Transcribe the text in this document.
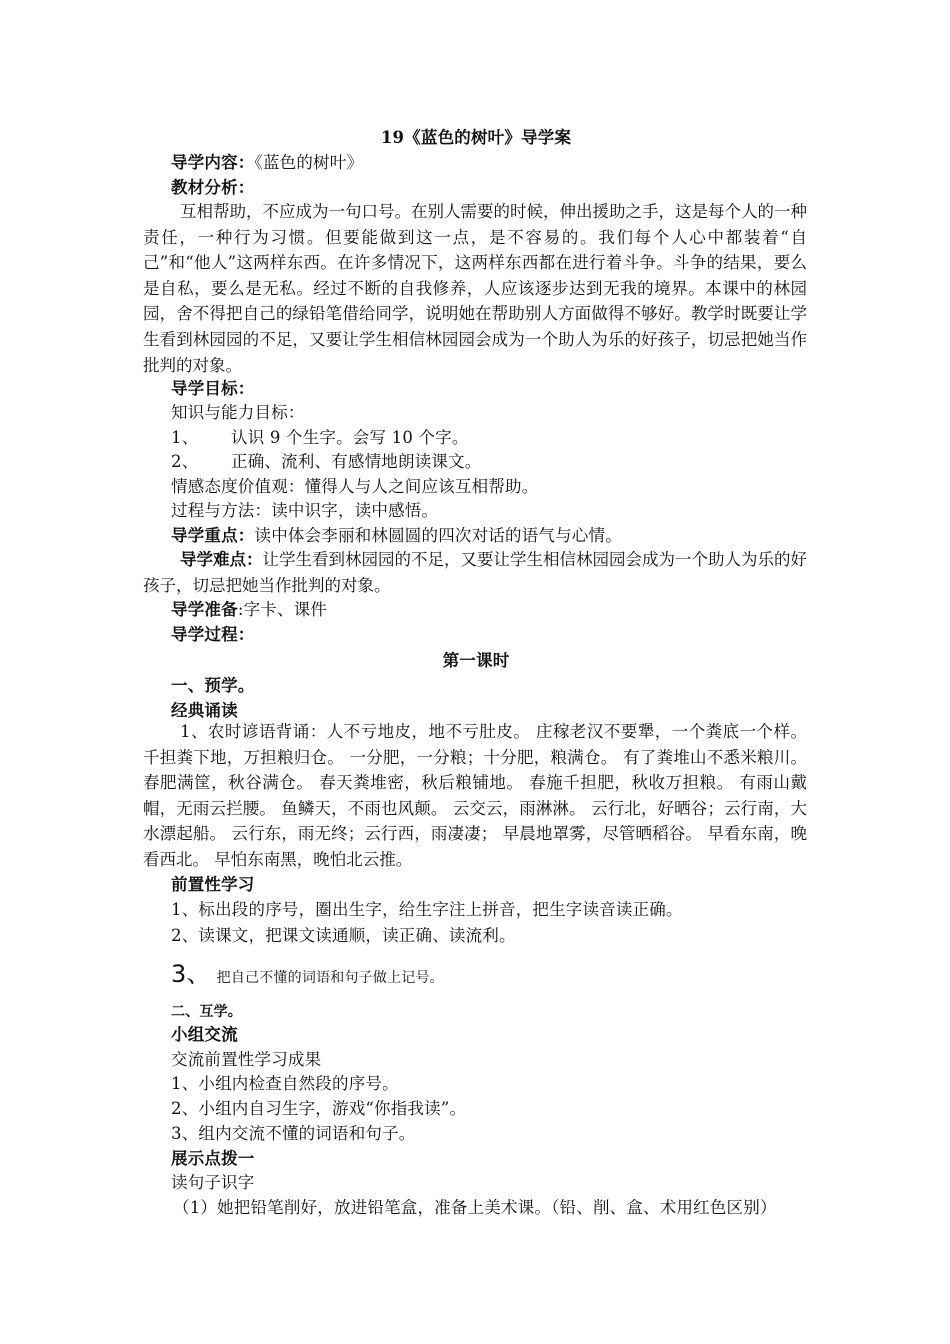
19《蓝色的树叶》导学案
导学内容：《蓝色的树叶》
教材分析：
互相帮助，不应成为一句口号。在别人需要的时候，伸出援助之手，这是每个人的一种责任，一种行为习惯。但要能做到这一点，是不容易的。我们每个人心中都装着“自己”和“他人”这两样东西。在许多情况下，这两样东西都在进行着斗争。斗争的结果，要么是自私，要么是无私。经过不断的自我修养，人应该逐步达到无我的境界。本课中的林园园，舍不得把自己的绿铅笔借给同学，说明她在帮助别人方面做得不够好。教学时既要让学生看到林园园的不足，又要让学生相信林园园会成为一个助人为乐的好孩子，切忌把她当作批判的对象。
导学目标：
知识与能力目标：
1、 认识 9 个生字。会写 10 个字。
2、 正确、流利、有感情地朗读课文。
情感态度价值观：懂得人与人之间应该互相帮助。
过程与方法：读中识字，读中感悟。
导学重点：读中体会李丽和林圆圆的四次对话的语气与心情。
导学难点：让学生看到林园园的不足，又要让学生相信林园园会成为一个助人为乐的好孩子，切忌把她当作批判的对象。
导学准备:字卡、课件
导学过程：
第一课时
一、预学。
经典诵读
1、农时谚语背诵：人不亏地皮，地不亏肚皮。 庄稼老汉不要犟，一个粪底一个样。 千担粪下地，万担粮归仓。 一分肥，一分粮；十分肥，粮满仓。 有了粪堆山不悉米粮川。 春肥满筐，秋谷满仓。 春天粪堆密，秋后粮铺地。 春施千担肥，秋收万担粮。 有雨山戴帽，无雨云拦腰。 鱼鳞天，不雨也风颠。 云交云，雨淋淋。 云行北，好晒谷；云行南，大水漂起船。 云行东，雨无终；云行西，雨凄凄； 早晨地罩雾，尽管晒稻谷。 早看东南，晚看西北。 早怕东南黑，晚怕北云推。
前置性学习
1、标出段的序号，圈出生字，给生字注上拼音，把生字读音读正确。
2、读课文，把课文读通顺，读正确、读流利。
3、 把自己不懂的词语和句子做上记号。
二、互学。
小组交流
交流前置性学习成果
1、小组内检查自然段的序号。
2、小组内自习生字，游戏“你指我读”。
3、组内交流不懂的词语和句子。
展示点拨一
读句子识字
（1）她把铅笔削好，放进铅笔盒，准备上美术课。（铅、削、盒、术用红色区别）
